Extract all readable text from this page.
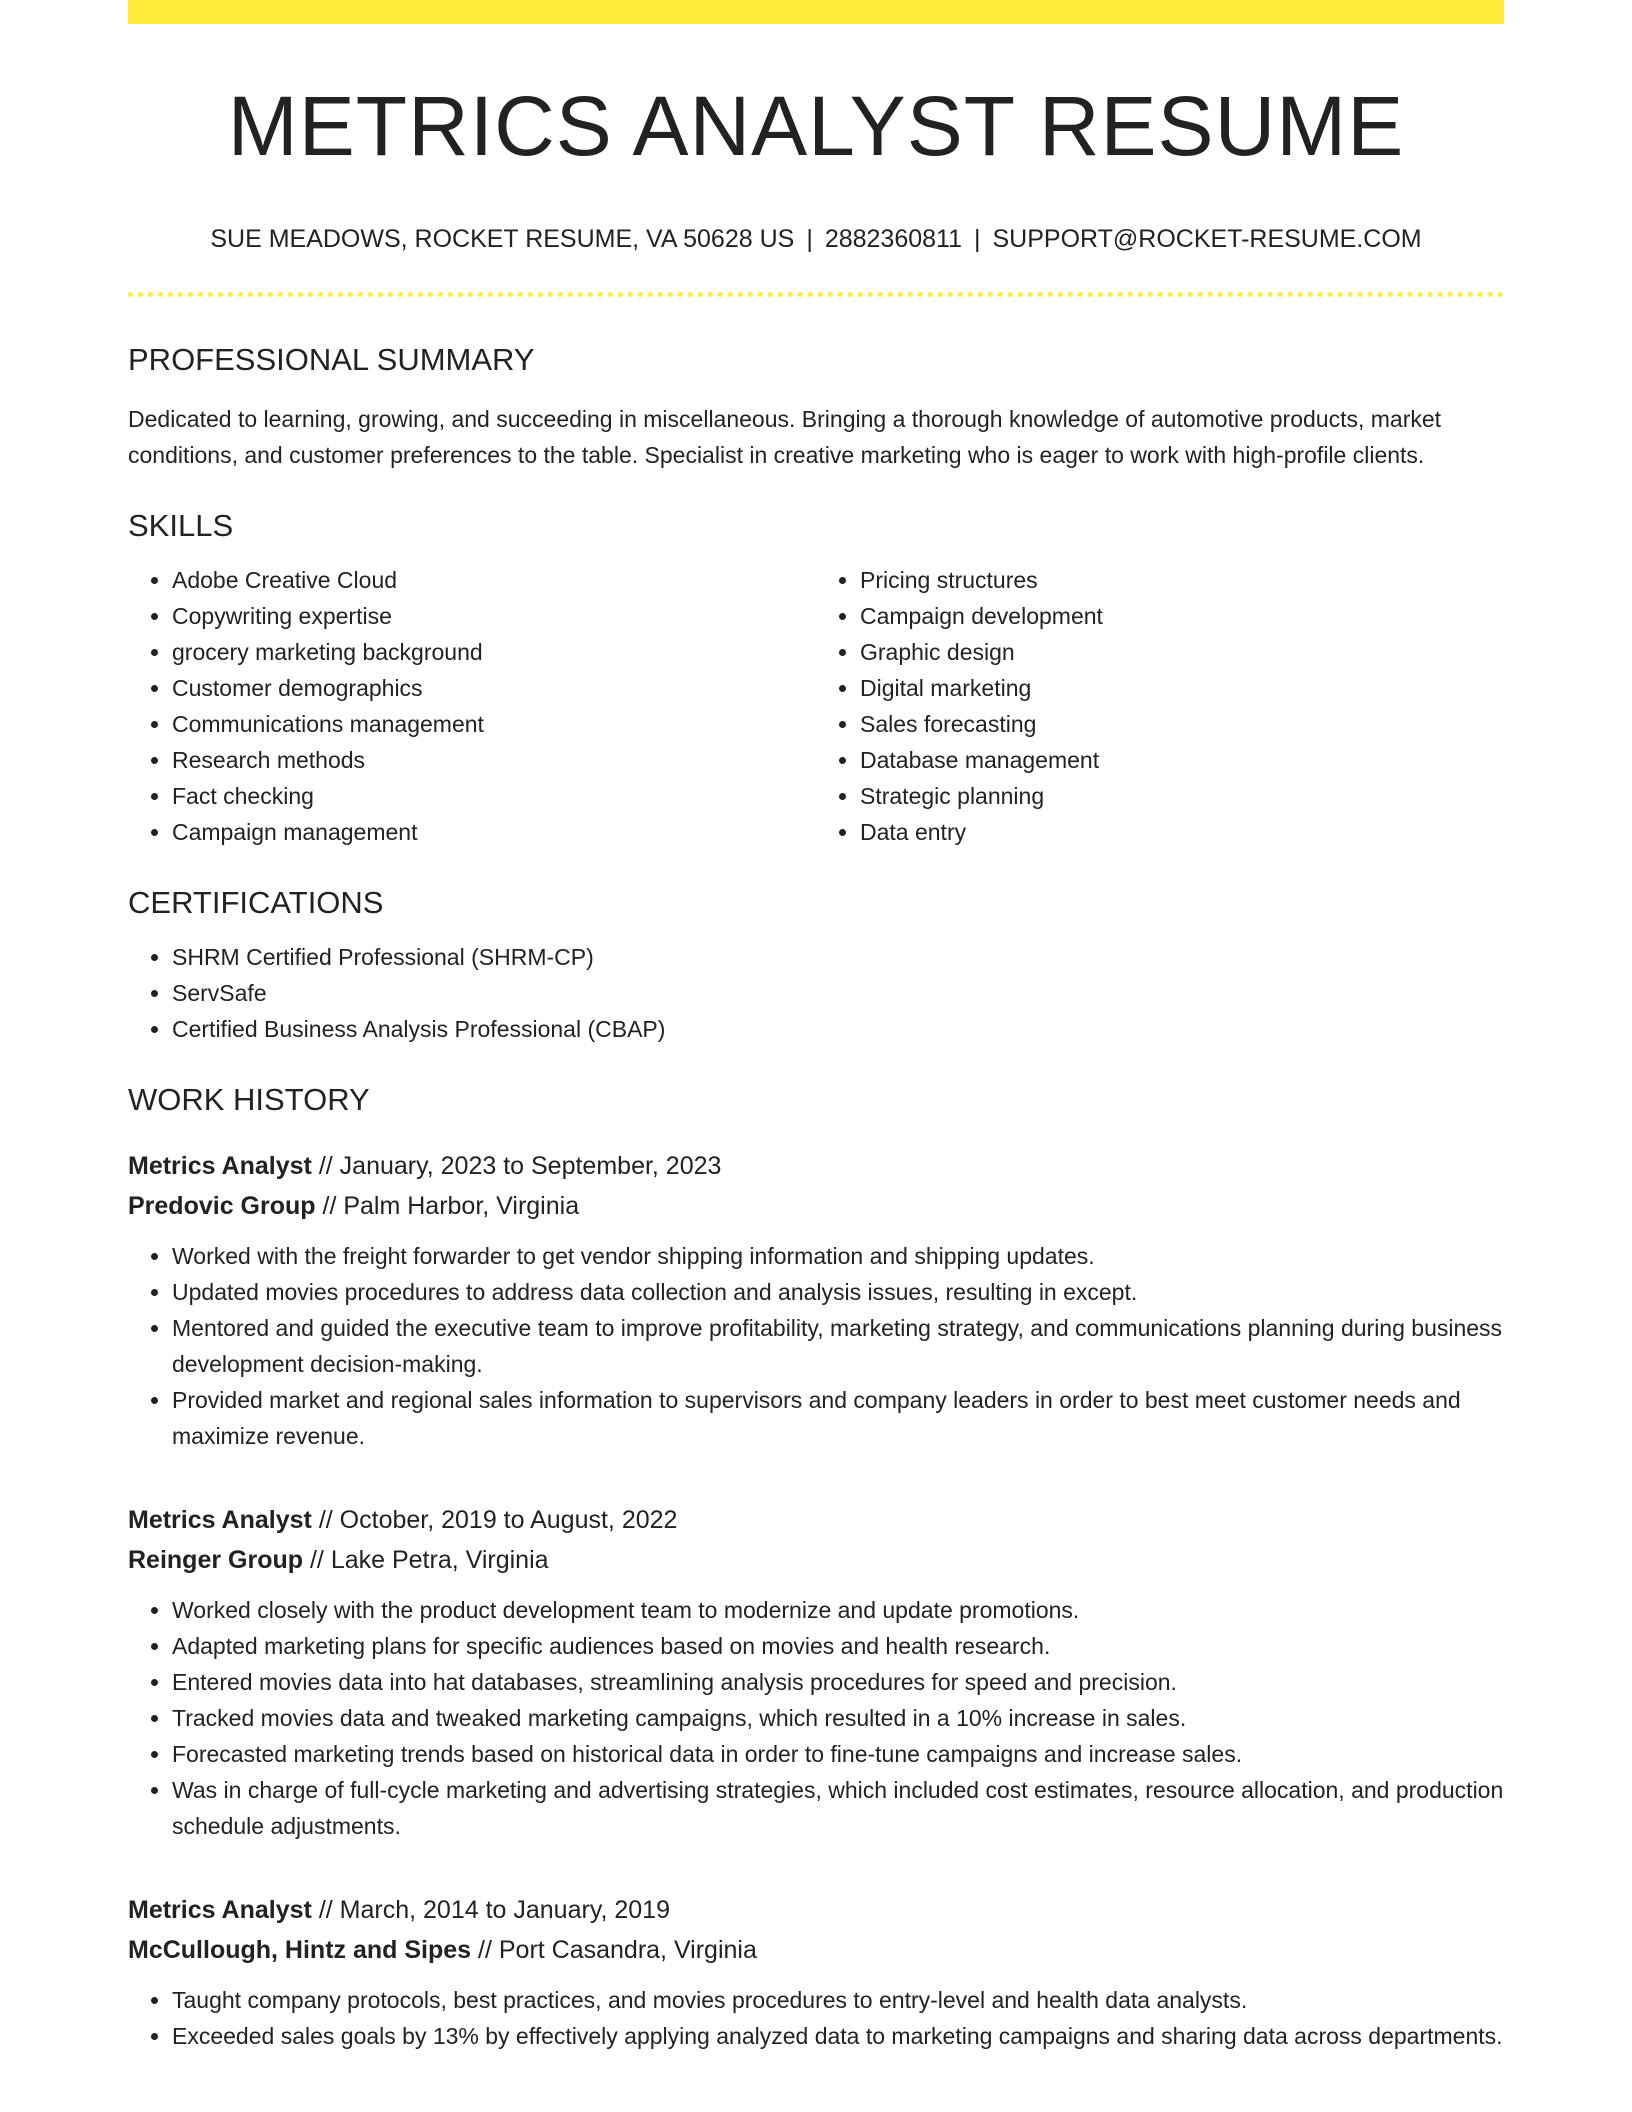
METRICS ANALYST RESUME
SUE MEADOWS, ROCKET RESUME, VA 50628 US | 2882360811 | SUPPORT@ROCKET-RESUME.COM
PROFESSIONAL SUMMARY
Dedicated to learning, growing, and succeeding in miscellaneous. Bringing a thorough knowledge of automotive products, market conditions, and customer preferences to the table. Specialist in creative marketing who is eager to work with high-profile clients.
SKILLS
• Adobe Creative Cloud
• Copywriting expertise
• grocery marketing background
• Customer demographics
• Communications management
• Research methods
• Fact checking
• Campaign management
• Pricing structures
• Campaign development
• Graphic design
• Digital marketing
• Sales forecasting
• Database management
• Strategic planning
• Data entry
CERTIFICATIONS
• SHRM Certified Professional (SHRM-CP)
• ServSafe
• Certified Business Analysis Professional (CBAP)
WORK HISTORY
Metrics Analyst // January, 2023 to September, 2023
Predovic Group // Palm Harbor, Virginia
• Worked with the freight forwarder to get vendor shipping information and shipping updates.
• Updated movies procedures to address data collection and analysis issues, resulting in except.
• Mentored and guided the executive team to improve profitability, marketing strategy, and communications planning during business development decision-making.
• Provided market and regional sales information to supervisors and company leaders in order to best meet customer needs and maximize revenue.
Metrics Analyst // October, 2019 to August, 2022
Reinger Group // Lake Petra, Virginia
• Worked closely with the product development team to modernize and update promotions.
• Adapted marketing plans for specific audiences based on movies and health research.
• Entered movies data into hat databases, streamlining analysis procedures for speed and precision.
• Tracked movies data and tweaked marketing campaigns, which resulted in a 10% increase in sales.
• Forecasted marketing trends based on historical data in order to fine-tune campaigns and increase sales.
• Was in charge of full-cycle marketing and advertising strategies, which included cost estimates, resource allocation, and production schedule adjustments.
Metrics Analyst // March, 2014 to January, 2019
McCullough, Hintz and Sipes // Port Casandra, Virginia
• Taught company protocols, best practices, and movies procedures to entry-level and health data analysts.
• Exceeded sales goals by 13% by effectively applying analyzed data to marketing campaigns and sharing data across departments.
